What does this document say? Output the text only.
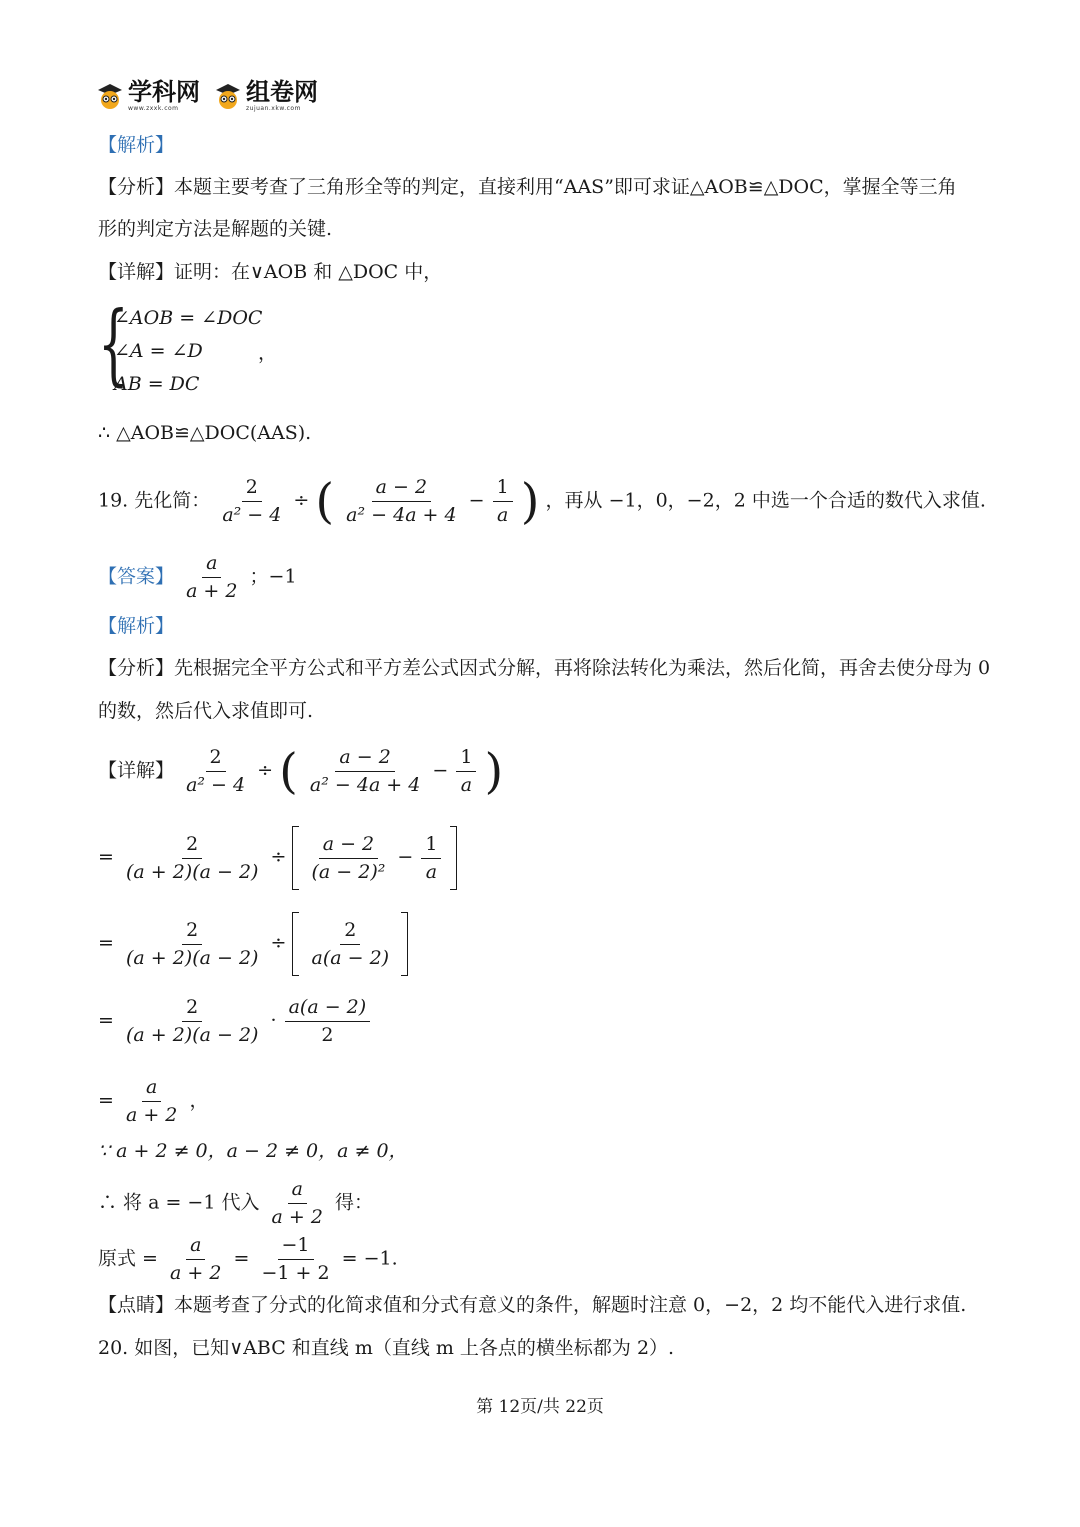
学科网
www.zxxk.com
组卷网
zujuan.xkw.com
【解析】
【分析】本题主要考查了三角形全等的判定，直接利用“AAS”即可求证△AOB≌△DOC，掌握全等三角
形的判定方法是解题的关键.
【详解】证明：在∨AOB 和 △DOC 中，
{
∠AOB = ∠DOC
∠A = ∠D
AB = DC
，
∴ △AOB≌△DOC(AAS).
19. 先化简： $\frac{2}{\text{a² − 4}}$ ÷ ( $\frac{a - 2}{\text{a² − 4a + 4}} - \frac{1}{a}$ ) ，再从 −1，0，−2，2 中选一个合适的数代入求值.
【答案】 $\frac{a}{a + 2}$ ；−1
【解析】
【分析】先根据完全平方公式和平方差公式因式分解，再将除法转化为乘法，然后化简，再舍去使分母为 0
的数，然后代入求值即可.
【详解】 $\frac{2}{\text{a² − 4}}$ ÷ ( $\frac{a - 2}{\text{a² − 4a + 4}} - \frac{1}{a}$ )
= $\frac{2}{(a + 2)(a - 2)} \div \frac{a - 2}{\text{(a − 2)²}} - \frac{1}{a}$

= $\frac{2}{(a + 2)(a - 2)} \div \frac{2}{a(a - 2)}$

= $\frac{2}{(a + 2)(a - 2)} \cdot \frac{a(a - 2)}{2}$
= $\frac{a}{a + 2}$ ，
∵ a + 2 ≠ 0，a − 2 ≠ 0，a ≠ 0，
∴ 将 a = −1 代入 $\frac{a}{a + 2}$ 得：
原式 = $\frac{a}{a + 2} = \frac{-1}{-1 + 2} = -1$.
【点睛】本题考查了分式的化简求值和分式有意义的条件，解题时注意 0，−2，2 均不能代入进行求值.
20. 如图，已知∨ABC 和直线 m（直线 m 上各点的横坐标都为 2）.
第 12页/共 22页
